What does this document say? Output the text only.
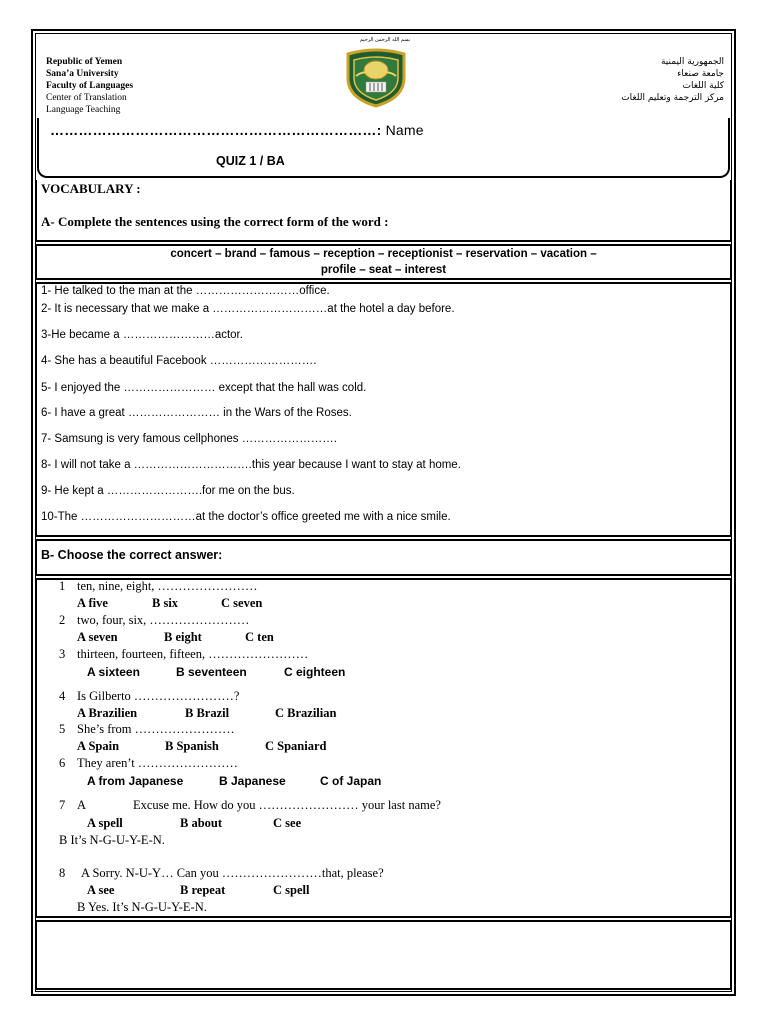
بسم الله الرحمن الرحيم
Republic of Yemen
Sana’a University
Faculty of Languages
Center of Translation
Language Teaching
الجمهورية اليمنية
جامعة صنعاء
كلية اللغات
مركز الترجمة وتعليم اللغات
……………………………………………………………: Name
QUIZ 1 / BA
VOCABULARY :
A- Complete the sentences using the correct form of the word :
concert – brand – famous – reception – receptionist – reservation – vacation –
profile – seat – interest
1- He talked to the man at the ………………………office.
2- It is necessary that we make a …………………………at the hotel a day before.
3-He became a ……………………actor.
4- She has a beautiful Facebook ……………………….
5- I enjoyed the …………………… except that the hall was cold.
6- I have a great …………………… in the Wars of the Roses.
7- Samsung is very famous cellphones …………………….
8- I will not take a ………………………….this year because I want to stay at home.
9- He kept a …………………….for me on the bus.
10-The …………………………at the doctor’s office greeted me with a nice smile.
B- Choose the correct answer:
1 ten, nine, eight, ……………………
A five	B six	C seven
2 two, four, six, ……………………
A seven	B eight	C ten
3 thirteen, fourteen, fifteen, ……………………
A sixteen	B seventeen	C eighteen
4 Is Gilberto ……………………?
A Brazilien	B Brazil	C Brazilian
5 She’s from ……………………
A Spain	B Spanish	C Spaniard
6 They aren’t ……………………
A from Japanese	B Japanese	C of Japan
7 A	Excuse me. How do you …………………… your last name?
A spell	B about	C see
B It’s N-G-U-Y-E-N.
8 A Sorry. N-U-Y… Can you ……………………that, please?
A see	B repeat	C spell
B Yes. It’s N-G-U-Y-E-N.
